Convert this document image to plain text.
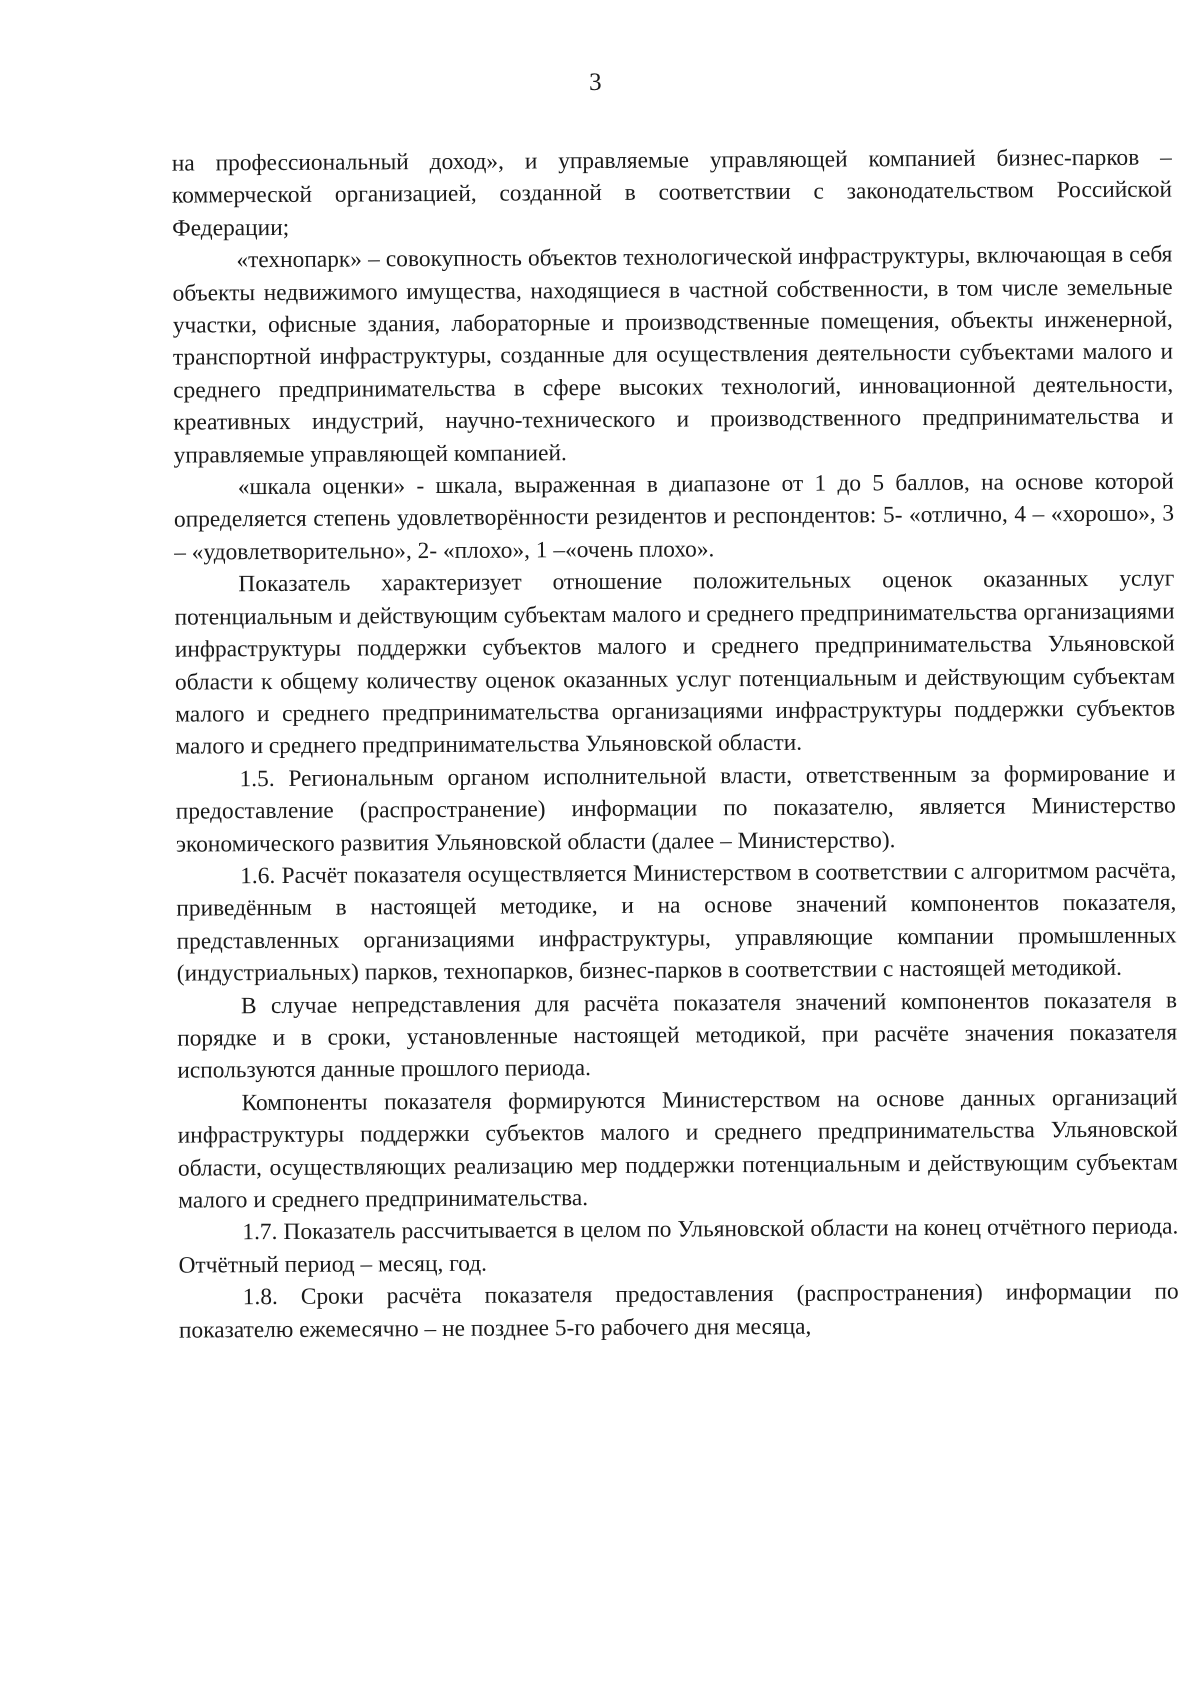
3

на профессиональный доход», и управляемые управляющей компанией бизнес-парков – коммерческой организацией, созданной в соответствии с законодательством Российской Федерации;

«технопарк» – совокупность объектов технологической инфраструктуры, включающая в себя объекты недвижимого имущества, находящиеся в частной собственности, в том числе земельные участки, офисные здания, лабораторные и производственные помещения, объекты инженерной, транспортной инфраструктуры, созданные для осуществления деятельности субъектами малого и среднего предпринимательства в сфере высоких технологий, инновационной деятельности, креативных индустрий, научно-технического и производственного предпринимательства и управляемые управляющей компанией.

«шкала оценки» - шкала, выраженная в диапазоне от 1 до 5 баллов, на основе которой определяется степень удовлетворённости резидентов и респондентов: 5- «отлично, 4 – «хорошо», 3 – «удовлетворительно», 2- «плохо», 1 –«очень плохо».

Показатель характеризует отношение положительных оценок оказанных услуг потенциальным и действующим субъектам малого и среднего предпринимательства организациями инфраструктуры поддержки субъектов малого и среднего предпринимательства Ульяновской области к общему количеству оценок оказанных услуг потенциальным и действующим субъектам малого и среднего предпринимательства организациями инфраструктуры поддержки субъектов малого и среднего предпринимательства Ульяновской области.

1.5. Региональным органом исполнительной власти, ответственным за формирование и предоставление (распространение) информации по показателю, является Министерство экономического развития Ульяновской области (далее – Министерство).

1.6. Расчёт показателя осуществляется Министерством в соответствии с алгоритмом расчёта, приведённым в настоящей методике, и на основе значений компонентов показателя, представленных организациями инфраструктуры, управляющие компании промышленных (индустриальных) парков, технопарков, бизнес-парков в соответствии с настоящей методикой.

В случае непредставления для расчёта показателя значений компонентов показателя в порядке и в сроки, установленные настоящей методикой, при расчёте значения показателя используются данные прошлого периода.

Компоненты показателя формируются Министерством на основе данных организаций инфраструктуры поддержки субъектов малого и среднего предпринимательства Ульяновской области, осуществляющих реализацию мер поддержки потенциальным и действующим субъектам малого и среднего предпринимательства.

1.7. Показатель рассчитывается в целом по Ульяновской области на конец отчётного периода. Отчётный период – месяц, год.

1.8. Сроки расчёта показателя предоставления (распространения) информации по показателю ежемесячно – не позднее 5-го рабочего дня месяца,
